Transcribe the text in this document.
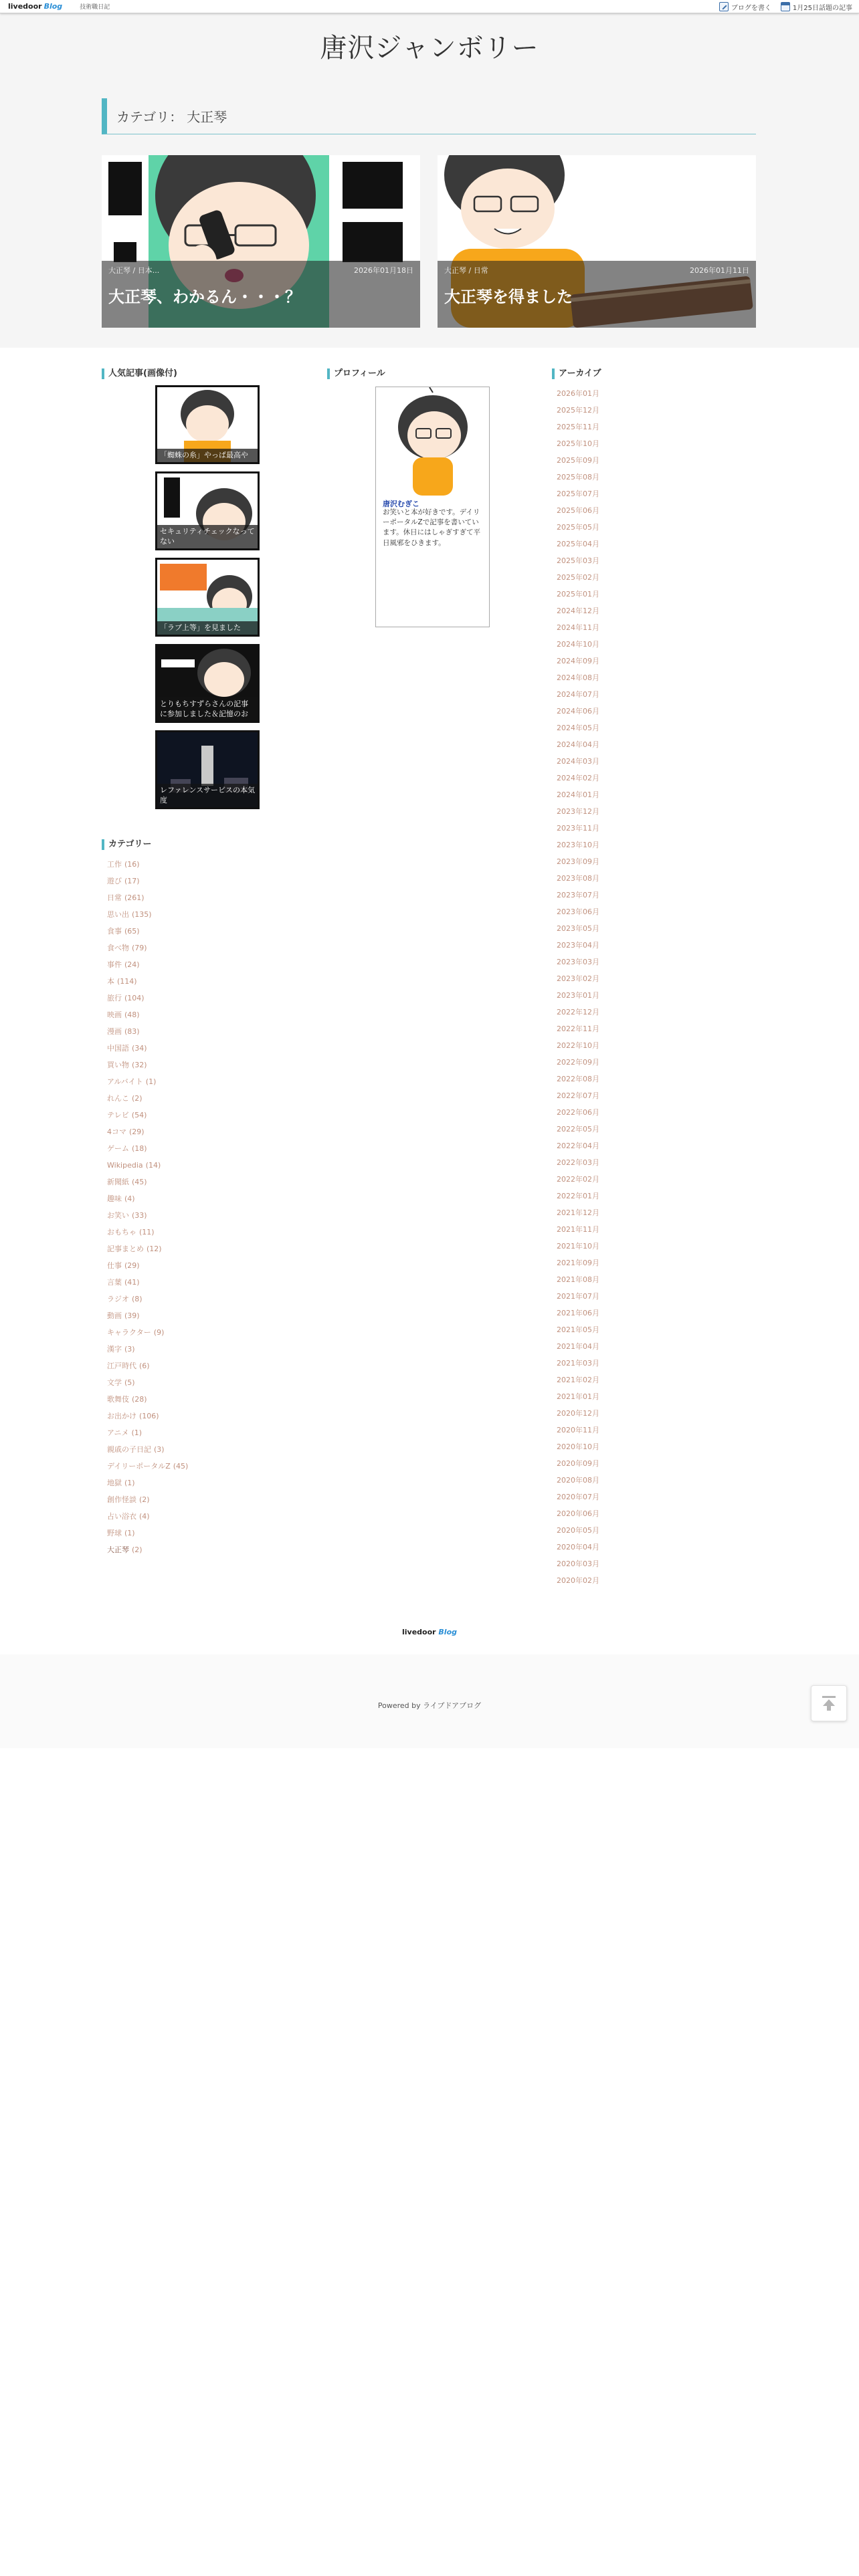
livedoor Blog	技術職日記	ブログを書く	1月25日話題の記事
唐沢ジャンボリー
カテゴリ： 大正琴
大正琴 / 日本...	2026年01月18日
大正琴、わかるん・・・？
大正琴 / 日常	2026年01月11日
大正琴を得ました
人気記事(画像付)
「蜘蛛の糸」やっぱ最高や
セキュリティチェックなってない
「ラブ上等」を見ました
とりもちすずらさんの記事に参加しました＆記憶のお
レファレンスサービスの本気度
カテゴリー
工作 (16)
遊び (17)
日常 (261)
思い出 (135)
食事 (65)
食べ物 (79)
事件 (24)
本 (114)
旅行 (104)
映画 (48)
漫画 (83)
中国語 (34)
買い物 (32)
アルバイト (1)
れんこ (2)
テレビ (54)
4コマ (29)
ゲーム (18)
Wikipedia (14)
新聞紙 (45)
趣味 (4)
お笑い (33)
おもちゃ (11)
記事まとめ (12)
仕事 (29)
言葉 (41)
ラジオ (8)
動画 (39)
キャラクター (9)
漢字 (3)
江戸時代 (6)
文学 (5)
歌舞伎 (28)
お出かけ (106)
アニメ (1)
親戚の子日記 (3)
デイリーポータルZ (45)
地獄 (1)
創作怪談 (2)
占い浴衣 (4)
野球 (1)
大正琴 (2)
プロフィール
唐沢むぎこ
お笑いと本が好きです。デイリーポータルZで記事を書いています。休日にはしゃぎすぎて平日風邪をひきます。
アーカイブ
2026年01月
2025年12月
2025年11月
2025年10月
2025年09月
2025年08月
2025年07月
2025年06月
2025年05月
2025年04月
2025年03月
2025年02月
2025年01月
2024年12月
2024年11月
2024年10月
2024年09月
2024年08月
2024年07月
2024年06月
2024年05月
2024年04月
2024年03月
2024年02月
2024年01月
2023年12月
2023年11月
2023年10月
2023年09月
2023年08月
2023年07月
2023年06月
2023年05月
2023年04月
2023年03月
2023年02月
2023年01月
2022年12月
2022年11月
2022年10月
2022年09月
2022年08月
2022年07月
2022年06月
2022年05月
2022年04月
2022年03月
2022年02月
2022年01月
2021年12月
2021年11月
2021年10月
2021年09月
2021年08月
2021年07月
2021年06月
2021年05月
2021年04月
2021年03月
2021年02月
2021年01月
2020年12月
2020年11月
2020年10月
2020年09月
2020年08月
2020年07月
2020年06月
2020年05月
2020年04月
2020年03月
2020年02月
livedoor Blog
Powered by ライブドアブログ
